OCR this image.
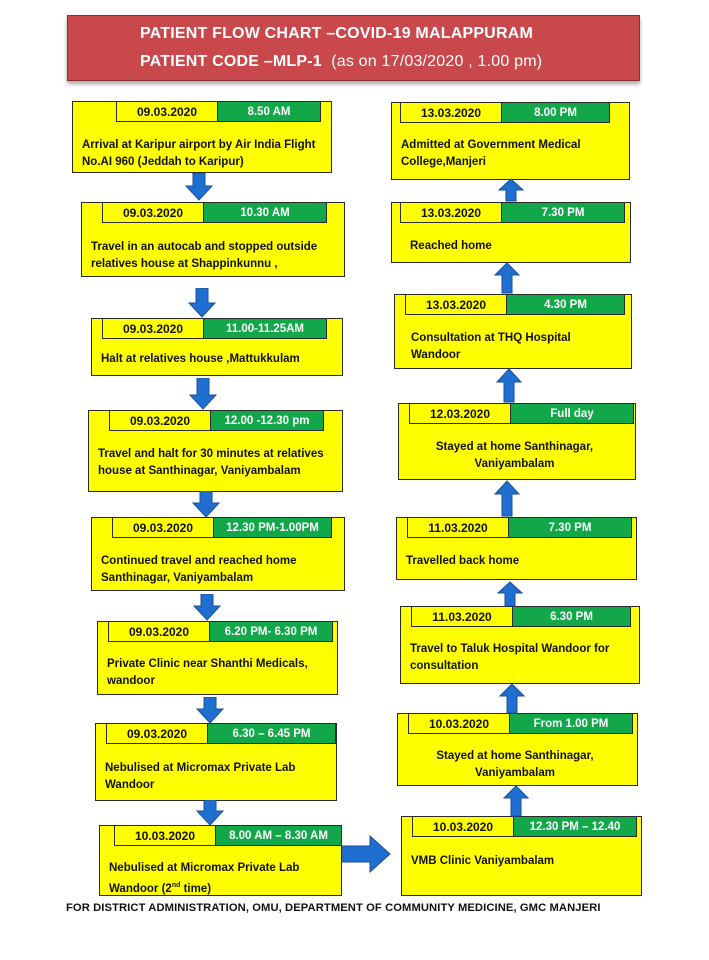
PATIENT FLOW CHART –COVID-19 MALAPPURAM
PATIENT CODE –MLP-1 (as on 17/03/2020 , 1.00 pm)
09.03.2020	8.50 AM
Arrival at Karipur airport by Air India Flight
No.AI 960 (Jeddah to Karipur)
09.03.2020	10.30 AM
Travel in an autocab and stopped outside
relatives house at Shappinkunnu ,
09.03.2020	11.00-11.25AM
Halt at relatives house ,Mattukkulam
09.03.2020	12.00 -12.30 pm
Travel and halt for 30 minutes at relatives
house at Santhinagar, Vaniyambalam
09.03.2020	12.30 PM-1.00PM
Continued travel and reached home
Santhinagar, Vaniyambalam
09.03.2020	6.20 PM- 6.30 PM
Private Clinic near Shanthi Medicals,
wandoor
09.03.2020	6.30 – 6.45 PM
Nebulised at Micromax Private Lab
Wandoor
10.03.2020	8.00 AM – 8.30 AM
Nebulised at Micromax Private Lab
Wandoor (2nd time)
13.03.2020	8.00 PM
Admitted at Government Medical
College,Manjeri
13.03.2020	7.30 PM
Reached home
13.03.2020	4.30 PM
Consultation at THQ Hospital Wandoor
12.03.2020	Full day
Stayed at home Santhinagar,
Vaniyambalam
11.03.2020	7.30 PM
Travelled back home
11.03.2020	6.30 PM
Travel to Taluk Hospital Wandoor for
consultation
10.03.2020	From 1.00 PM
Stayed at home Santhinagar,
Vaniyambalam
10.03.2020	12.30 PM – 12.40
VMB Clinic Vaniyambalam
FOR DISTRICT ADMINISTRATION, OMU, DEPARTMENT OF COMMUNITY MEDICINE, GMC MANJERI
